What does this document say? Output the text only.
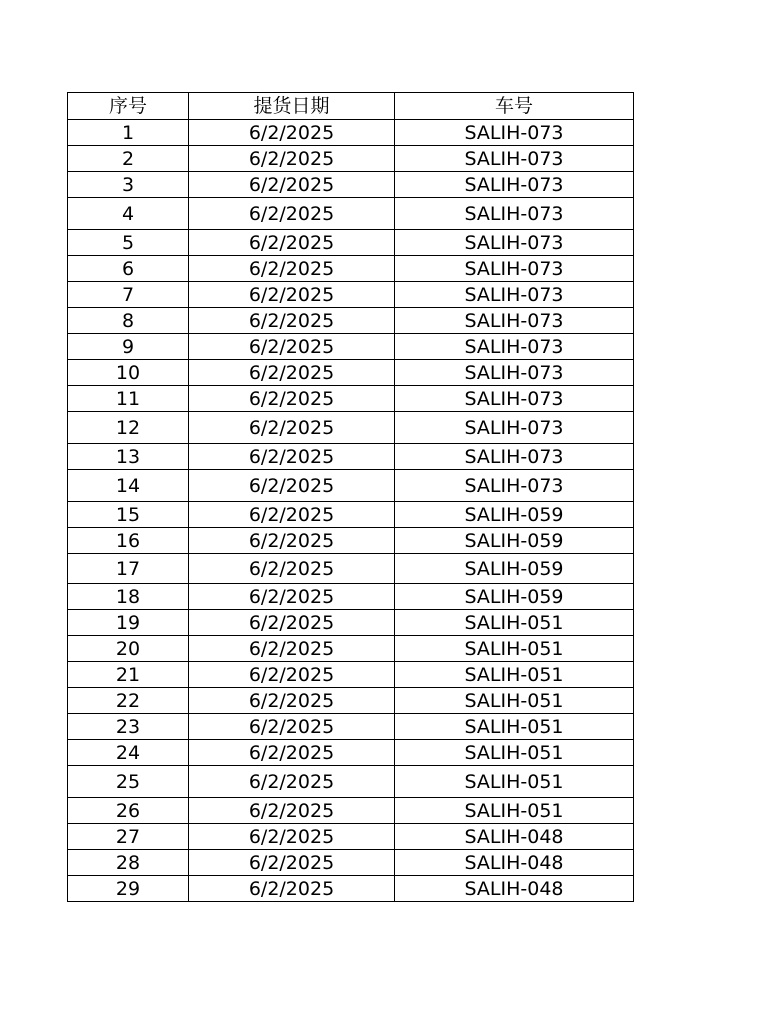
序号	提货日期	车号
1	6/2/2025	SALIH-073
2	6/2/2025	SALIH-073
3	6/2/2025	SALIH-073
4	6/2/2025	SALIH-073
5	6/2/2025	SALIH-073
6	6/2/2025	SALIH-073
7	6/2/2025	SALIH-073
8	6/2/2025	SALIH-073
9	6/2/2025	SALIH-073
10	6/2/2025	SALIH-073
11	6/2/2025	SALIH-073
12	6/2/2025	SALIH-073
13	6/2/2025	SALIH-073
14	6/2/2025	SALIH-073
15	6/2/2025	SALIH-059
16	6/2/2025	SALIH-059
17	6/2/2025	SALIH-059
18	6/2/2025	SALIH-059
19	6/2/2025	SALIH-051
20	6/2/2025	SALIH-051
21	6/2/2025	SALIH-051
22	6/2/2025	SALIH-051
23	6/2/2025	SALIH-051
24	6/2/2025	SALIH-051
25	6/2/2025	SALIH-051
26	6/2/2025	SALIH-051
27	6/2/2025	SALIH-048
28	6/2/2025	SALIH-048
29	6/2/2025	SALIH-048
